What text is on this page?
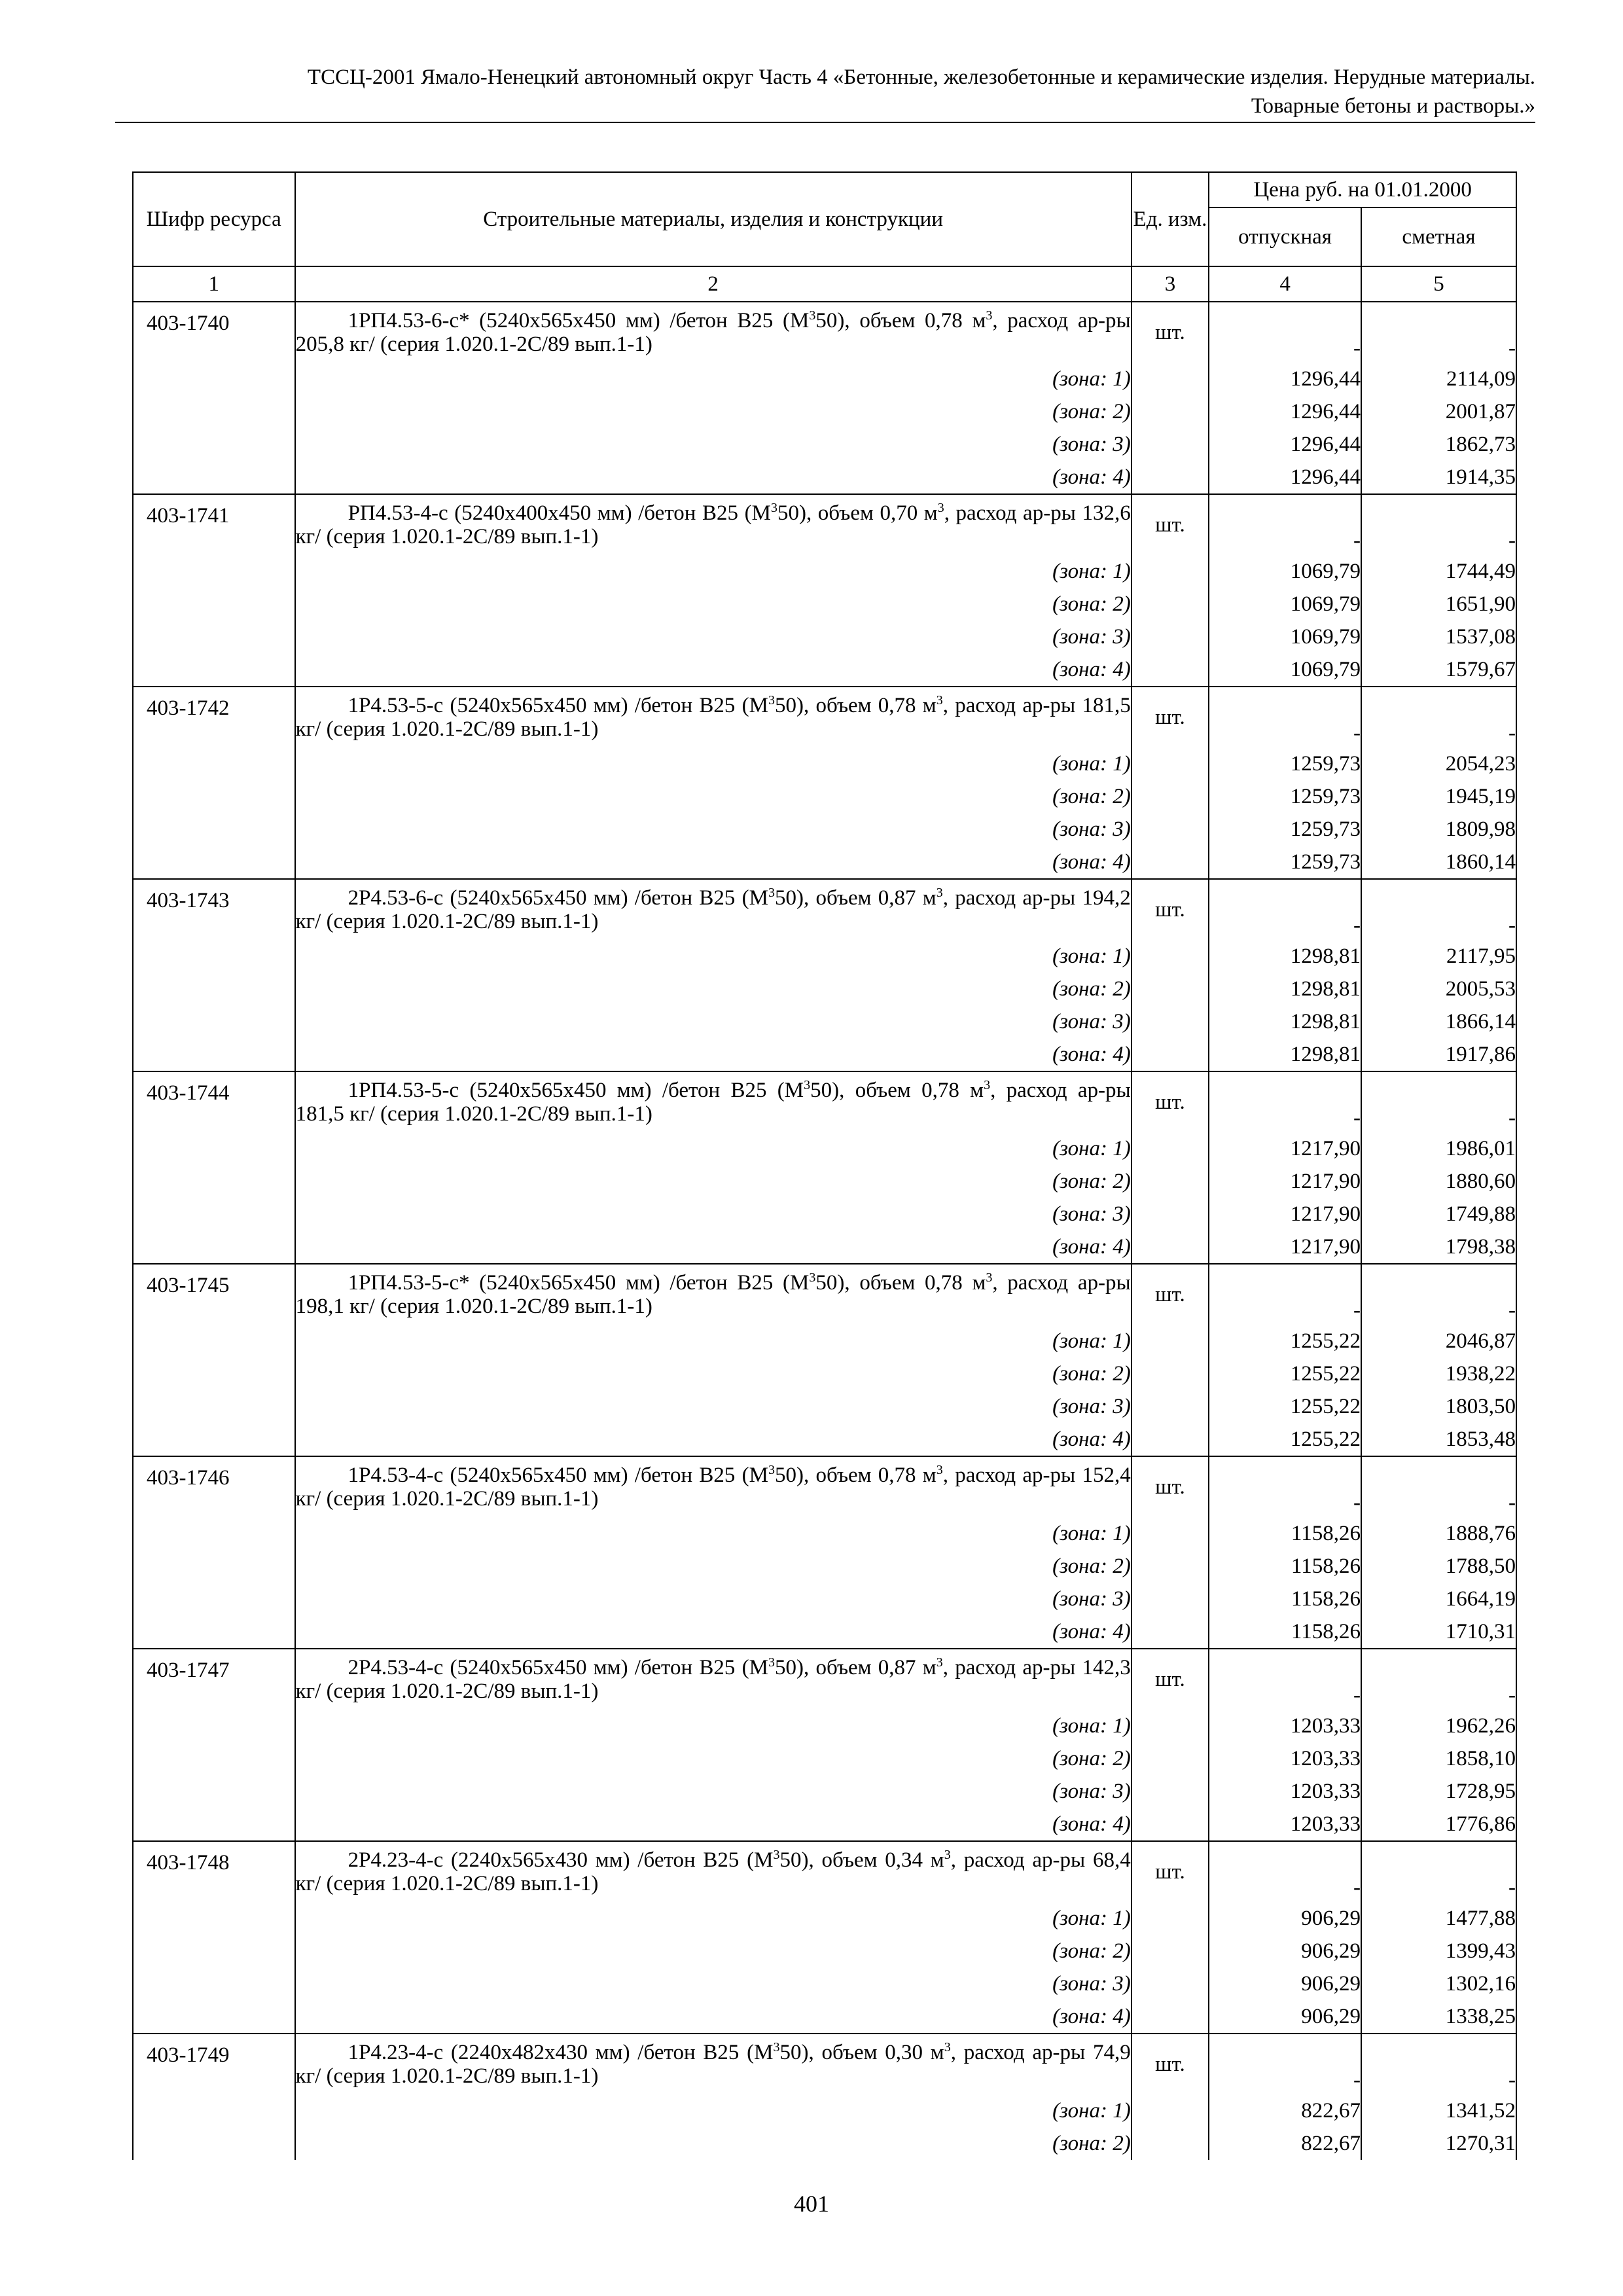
ТССЦ-2001 Ямало-Ненецкий автономный округ Часть 4 «Бетонные, железобетонные и керамические изделия. Нерудные материалы.
Товарные бетоны и растворы.»
Шифр ресурса	Строительные материалы, изделия и конструкции	Ед. изм.	Цена руб. на 01.01.2000	
			отпускная	сметная
1	2	3	4	5
403-1740	1РП4.53-6-с* (5240х565х450 мм) /бетон В25 $(М^350)$, объем 0,78 $м^3$, расход ар-ры 205,8 кг/ (серия 1.020.1-2С/89 вып.1-1)	шт.	-	-
	(зона: 1)		1296,44	2114,09
	(зона: 2)		1296,44	2001,87
	(зона: 3)		1296,44	1862,73
	(зона: 4)		1296,44	1914,35
403-1741	РП4.53-4-с (5240х400х450 мм) /бетон В25 $(М^350)$, объем 0,70 $м^3$, расход ар-ры 132,6 кг/ (серия 1.020.1-2С/89 вып.1-1)	шт.	-	-
	(зона: 1)		1069,79	1744,49
	(зона: 2)		1069,79	1651,90
	(зона: 3)		1069,79	1537,08
	(зона: 4)		1069,79	1579,67
403-1742	1Р4.53-5-с (5240х565х450 мм) /бетон В25 $(М^350)$, объем 0,78 $м^3$, расход ар-ры 181,5 кг/ (серия 1.020.1-2С/89 вып.1-1)	шт.	-	-
	(зона: 1)		1259,73	2054,23
	(зона: 2)		1259,73	1945,19
	(зона: 3)		1259,73	1809,98
	(зона: 4)		1259,73	1860,14
403-1743	2Р4.53-6-с (5240х565х450 мм) /бетон В25 $(М^350)$, объем 0,87 $м^3$, расход ар-ры 194,2 кг/ (серия 1.020.1-2С/89 вып.1-1)	шт.	-	-
	(зона: 1)		1298,81	2117,95
	(зона: 2)		1298,81	2005,53
	(зона: 3)		1298,81	1866,14
	(зона: 4)		1298,81	1917,86
403-1744	1РП4.53-5-с (5240х565х450 мм) /бетон В25 $(М^350)$, объем 0,78 $м^3$, расход ар-ры 181,5 кг/ (серия 1.020.1-2С/89 вып.1-1)	шт.	-	-
	(зона: 1)		1217,90	1986,01
	(зона: 2)		1217,90	1880,60
	(зона: 3)		1217,90	1749,88
	(зона: 4)		1217,90	1798,38
403-1745	1РП4.53-5-с* (5240х565х450 мм) /бетон В25 $(М^350)$, объем 0,78 $м^3$, расход ар-ры 198,1 кг/ (серия 1.020.1-2С/89 вып.1-1)	шт.	-	-
	(зона: 1)		1255,22	2046,87
	(зона: 2)		1255,22	1938,22
	(зона: 3)		1255,22	1803,50
	(зона: 4)		1255,22	1853,48
403-1746	1Р4.53-4-с (5240х565х450 мм) /бетон В25 $(М^350)$, объем 0,78 $м^3$, расход ар-ры 152,4 кг/ (серия 1.020.1-2С/89 вып.1-1)	шт.	-	-
	(зона: 1)		1158,26	1888,76
	(зона: 2)		1158,26	1788,50
	(зона: 3)		1158,26	1664,19
	(зона: 4)		1158,26	1710,31
403-1747	2Р4.53-4-с (5240х565х450 мм) /бетон В25 $(М^350)$, объем 0,87 $м^3$, расход ар-ры 142,3 кг/ (серия 1.020.1-2С/89 вып.1-1)	шт.	-	-
	(зона: 1)		1203,33	1962,26
	(зона: 2)		1203,33	1858,10
	(зона: 3)		1203,33	1728,95
	(зона: 4)		1203,33	1776,86
403-1748	2Р4.23-4-с (2240х565х430 мм) /бетон В25 $(М^350)$, объем 0,34 $м^3$, расход ар-ры 68,4 кг/ (серия 1.020.1-2С/89 вып.1-1)	шт.	-	-
	(зона: 1)		906,29	1477,88
	(зона: 2)		906,29	1399,43
	(зона: 3)		906,29	1302,16
	(зона: 4)		906,29	1338,25
403-1749	1Р4.23-4-с (2240х482х430 мм) /бетон В25 $(М^350)$, объем 0,30 $м^3$, расход ар-ры 74,9 кг/ (серия 1.020.1-2С/89 вып.1-1)	шт.	-	-
	(зона: 1)		822,67	1341,52
	(зона: 2)		822,67	1270,31
401
